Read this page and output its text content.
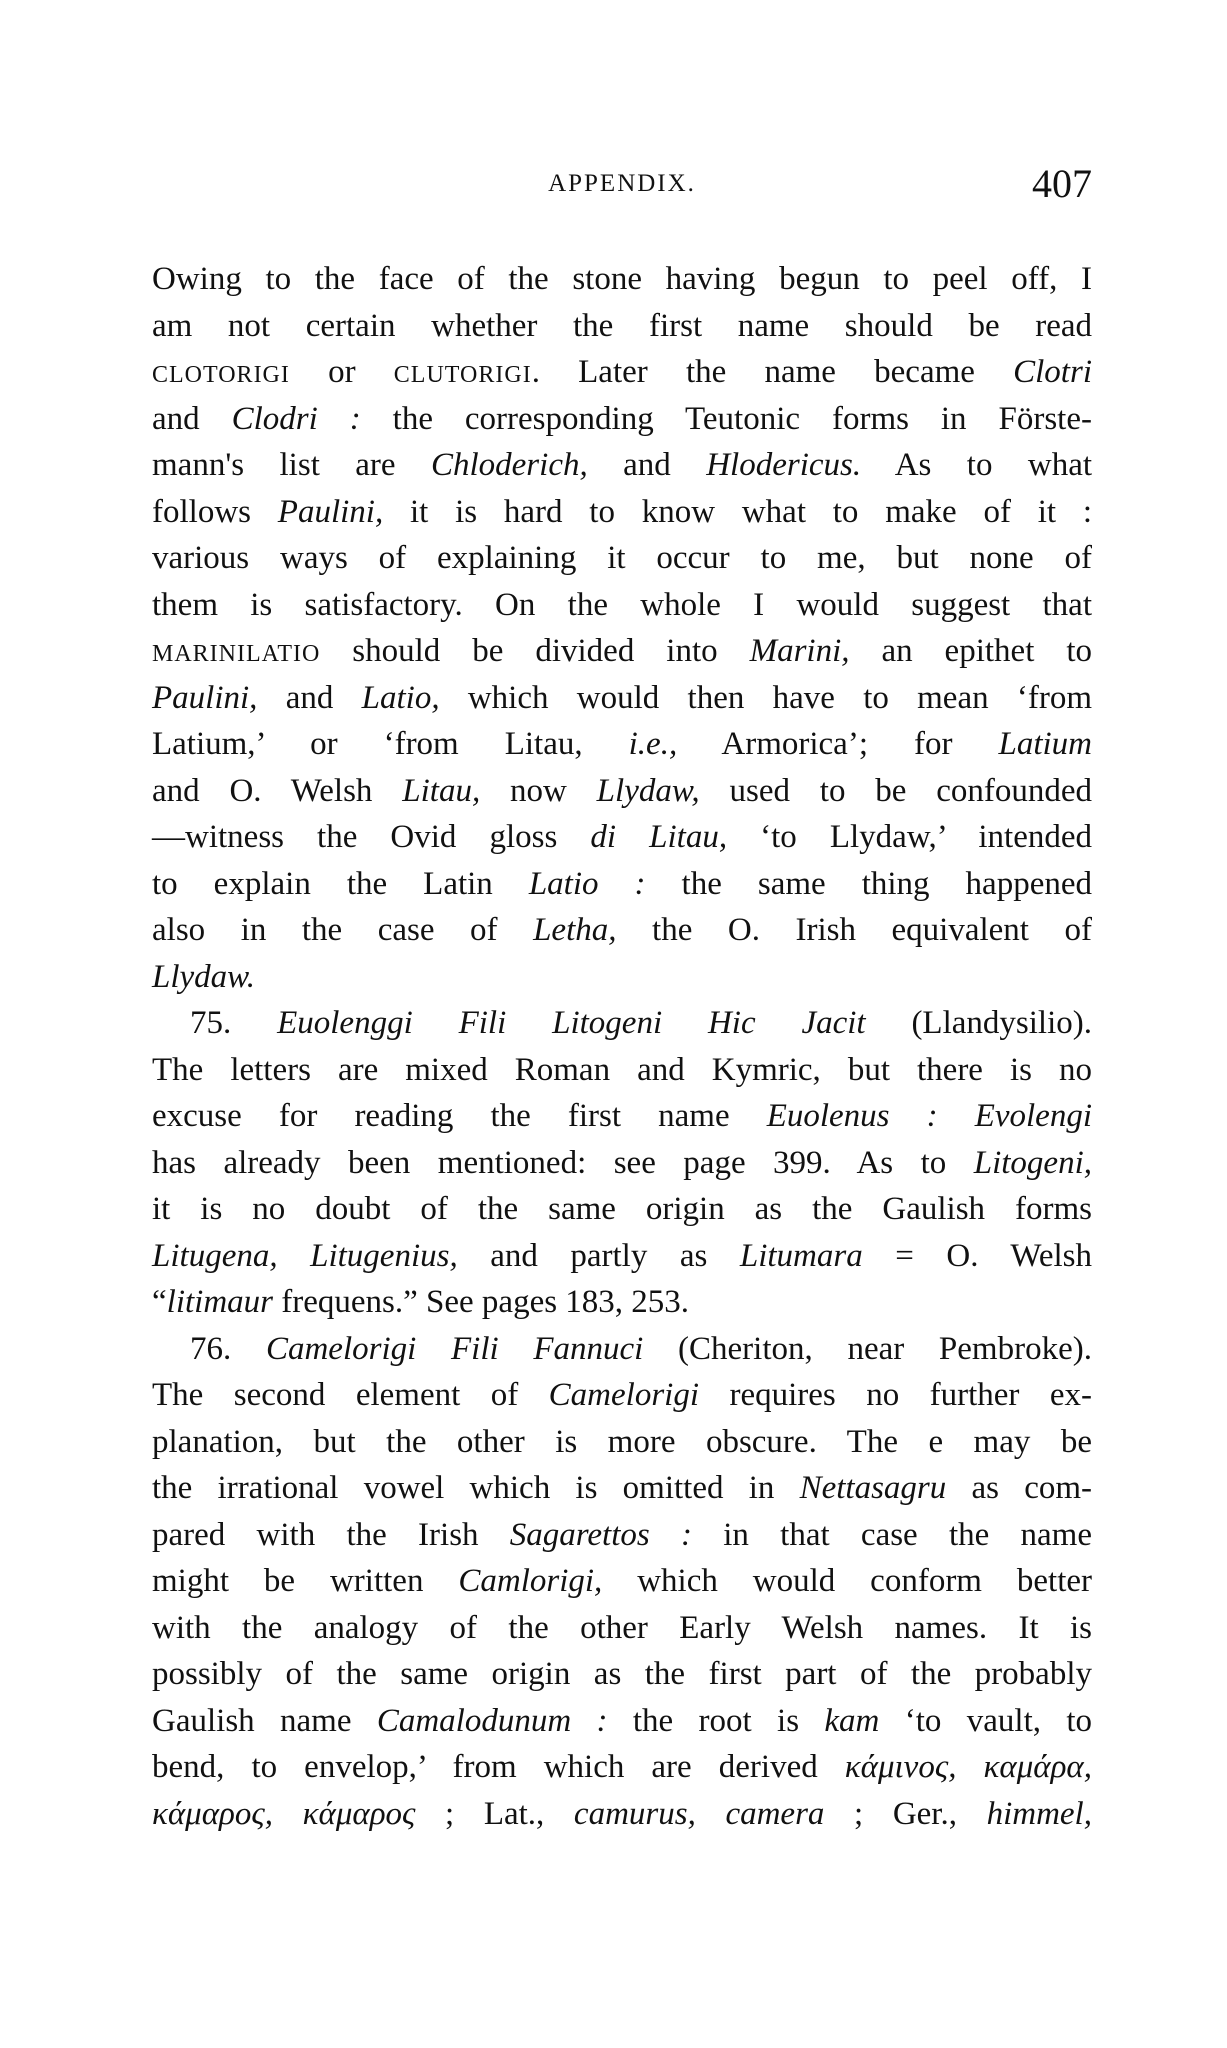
APPENDIX.	407
Owing to the face of the stone having begun to peel off, I
am not certain whether the first name should be read
CLOTORIGI or CLUTORIGI. Later the name became Clotri
and Clodri : the corresponding Teutonic forms in Förste-
mann's list are Chloderich, and Hlodericus. As to what
follows Paulini, it is hard to know what to make of it :
various ways of explaining it occur to me, but none of
them is satisfactory. On the whole I would suggest that
MARINILATIO should be divided into Marini, an epithet to
Paulini, and Latio, which would then have to mean ‘from
Latium,’ or ‘from Litau, i.e., Armorica’; for Latium
and O. Welsh Litau, now Llydaw, used to be confounded
—witness the Ovid gloss di Litau, ‘to Llydaw,’ intended
to explain the Latin Latio : the same thing happened
also in the case of Letha, the O. Irish equivalent of
Llydaw.
75. Euolenggi Fili Litogeni Hic Jacit (Llandysilio).
The letters are mixed Roman and Kymric, but there is no
excuse for reading the first name Euolenus : Evolengi
has already been mentioned: see page 399. As to Litogeni,
it is no doubt of the same origin as the Gaulish forms
Litugena, Litugenius, and partly as Litumara = O. Welsh
“litimaur frequens.” See pages 183, 253.
76. Camelorigi Fili Fannuci (Cheriton, near Pembroke).
The second element of Camelorigi requires no further ex-
planation, but the other is more obscure. The e may be
the irrational vowel which is omitted in Nettasagru as com-
pared with the Irish Sagarettos : in that case the name
might be written Camlorigi, which would conform better
with the analogy of the other Early Welsh names. It is
possibly of the same origin as the first part of the probably
Gaulish name Camalodunum : the root is kam ‘to vault, to
bend, to envelop,’ from which are derived κάμινος, καμάρα,
κάμαρος, κάμαρος ; Lat., camurus, camera ; Ger., himmel,
